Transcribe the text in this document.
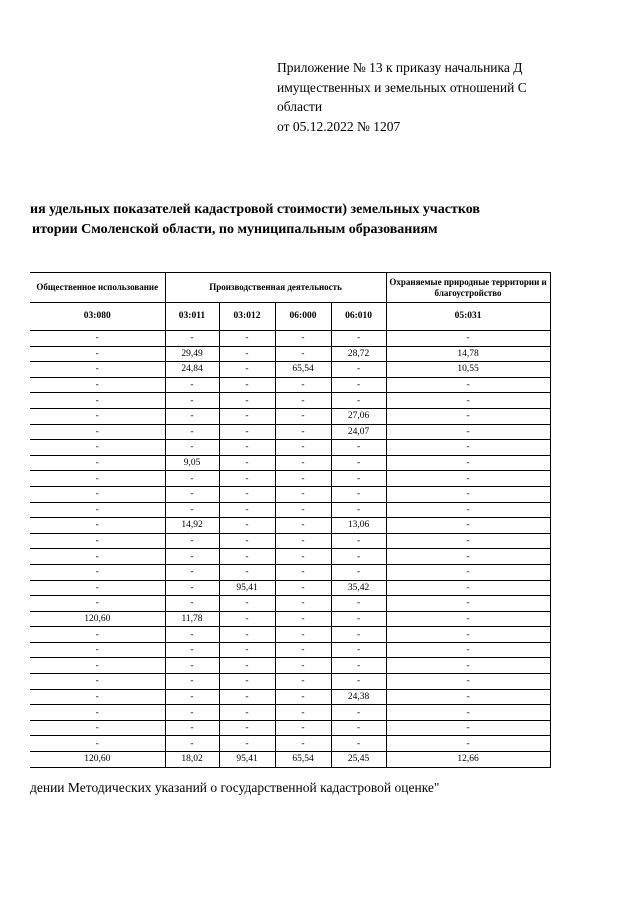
Приложение № 13 к приказу начальника Д
имущественных и земельных отношений С
области
от 05.12.2022 № 1207
ия удельных показателей кадастровой стоимости) земельных участков
итории Смоленской области, по муниципальным образованиям
Общественное использование	Производственная деятельность				Охраняемые природные территории и благоустройство
03:080	03:011	03:012	06:000	06:010	05:031
-	-	-	-	-	-
-	29,49	-	-	28,72	14,78
-	24,84	-	65,54	-	10,55
-	-	-	-	-	-
-	-	-	-	-	-
-	-	-	-	27,06	-
-	-	-	-	24,07	-
-	-	-	-	-	-
-	9,05	-	-	-	-
-	-	-	-	-	-
-	-	-	-	-	-
-	-	-	-	-	-
-	14,92	-	-	13,06	-
-	-	-	-	-	-
-	-	-	-	-	-
-	-	-	-	-	-
-	-	95,41	-	35,42	-
-	-	-	-	-	-
120,60	11,78	-	-	-	-
-	-	-	-	-	-
-	-	-	-	-	-
-	-	-	-	-	-
-	-	-	-	-	-
-	-	-	-	24,38	-
-	-	-	-	-	-
-	-	-	-	-	-
-	-	-	-	-	-
120,60	18,02	95,41	65,54	25,45	12,66
дении Методических указаний о государственной кадастровой оценке"
